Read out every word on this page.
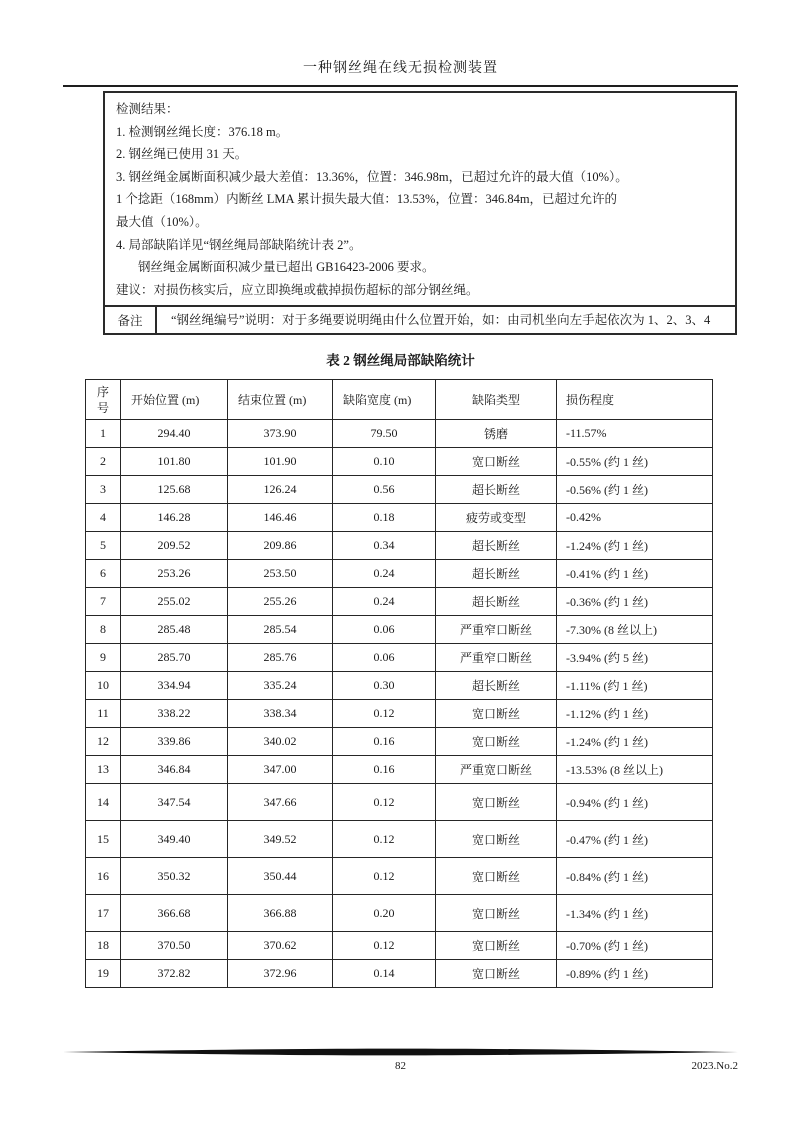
一种钢丝绳在线无损检测装置
检测结果：
1. 检测钢丝绳长度：376.18 m。
2. 钢丝绳已使用 31 天。
3. 钢丝绳金属断面积减少最大差值：13.36%，位置：346.98m，已超过允许的最大值（10%）。
1 个捻距（168mm）内断丝 LMA 累计损失最大值：13.53%，位置：346.84m，已超过允许的
最大值（10%）。
4. 局部缺陷详见“钢丝绳局部缺陷统计表 2”。
钢丝绳金属断面积减少量已超出 GB16423-2006 要求。
建议：对损伤核实后，应立即换绳或截掉损伤超标的部分钢丝绳。
备注	“钢丝绳编号”说明：对于多绳要说明绳由什么位置开始，如：由司机坐向左手起依次为 1、2、3、4
表 2 钢丝绳局部缺陷统计
序号	开始位置 (m)	结束位置 (m)	缺陷宽度 (m)	缺陷类型	损伤程度
1	294.40	373.90	79.50	锈磨	-11.57%
2	101.80	101.90	0.10	宽口断丝	-0.55% (约 1 丝)
3	125.68	126.24	0.56	超长断丝	-0.56% (约 1 丝)
4	146.28	146.46	0.18	疲劳或变型	-0.42%
5	209.52	209.86	0.34	超长断丝	-1.24% (约 1 丝)
6	253.26	253.50	0.24	超长断丝	-0.41% (约 1 丝)
7	255.02	255.26	0.24	超长断丝	-0.36% (约 1 丝)
8	285.48	285.54	0.06	严重窄口断丝	-7.30% (8 丝以上)
9	285.70	285.76	0.06	严重窄口断丝	-3.94% (约 5 丝)
10	334.94	335.24	0.30	超长断丝	-1.11% (约 1 丝)
11	338.22	338.34	0.12	宽口断丝	-1.12% (约 1 丝)
12	339.86	340.02	0.16	宽口断丝	-1.24% (约 1 丝)
13	346.84	347.00	0.16	严重宽口断丝	-13.53% (8 丝以上)
14	347.54	347.66	0.12	宽口断丝	-0.94% (约 1 丝)
15	349.40	349.52	0.12	宽口断丝	-0.47% (约 1 丝)
16	350.32	350.44	0.12	宽口断丝	-0.84% (约 1 丝)
17	366.68	366.88	0.20	宽口断丝	-1.34% (约 1 丝)
18	370.50	370.62	0.12	宽口断丝	-0.70% (约 1 丝)
19	372.82	372.96	0.14	宽口断丝	-0.89% (约 1 丝)
82	2023.No.2
